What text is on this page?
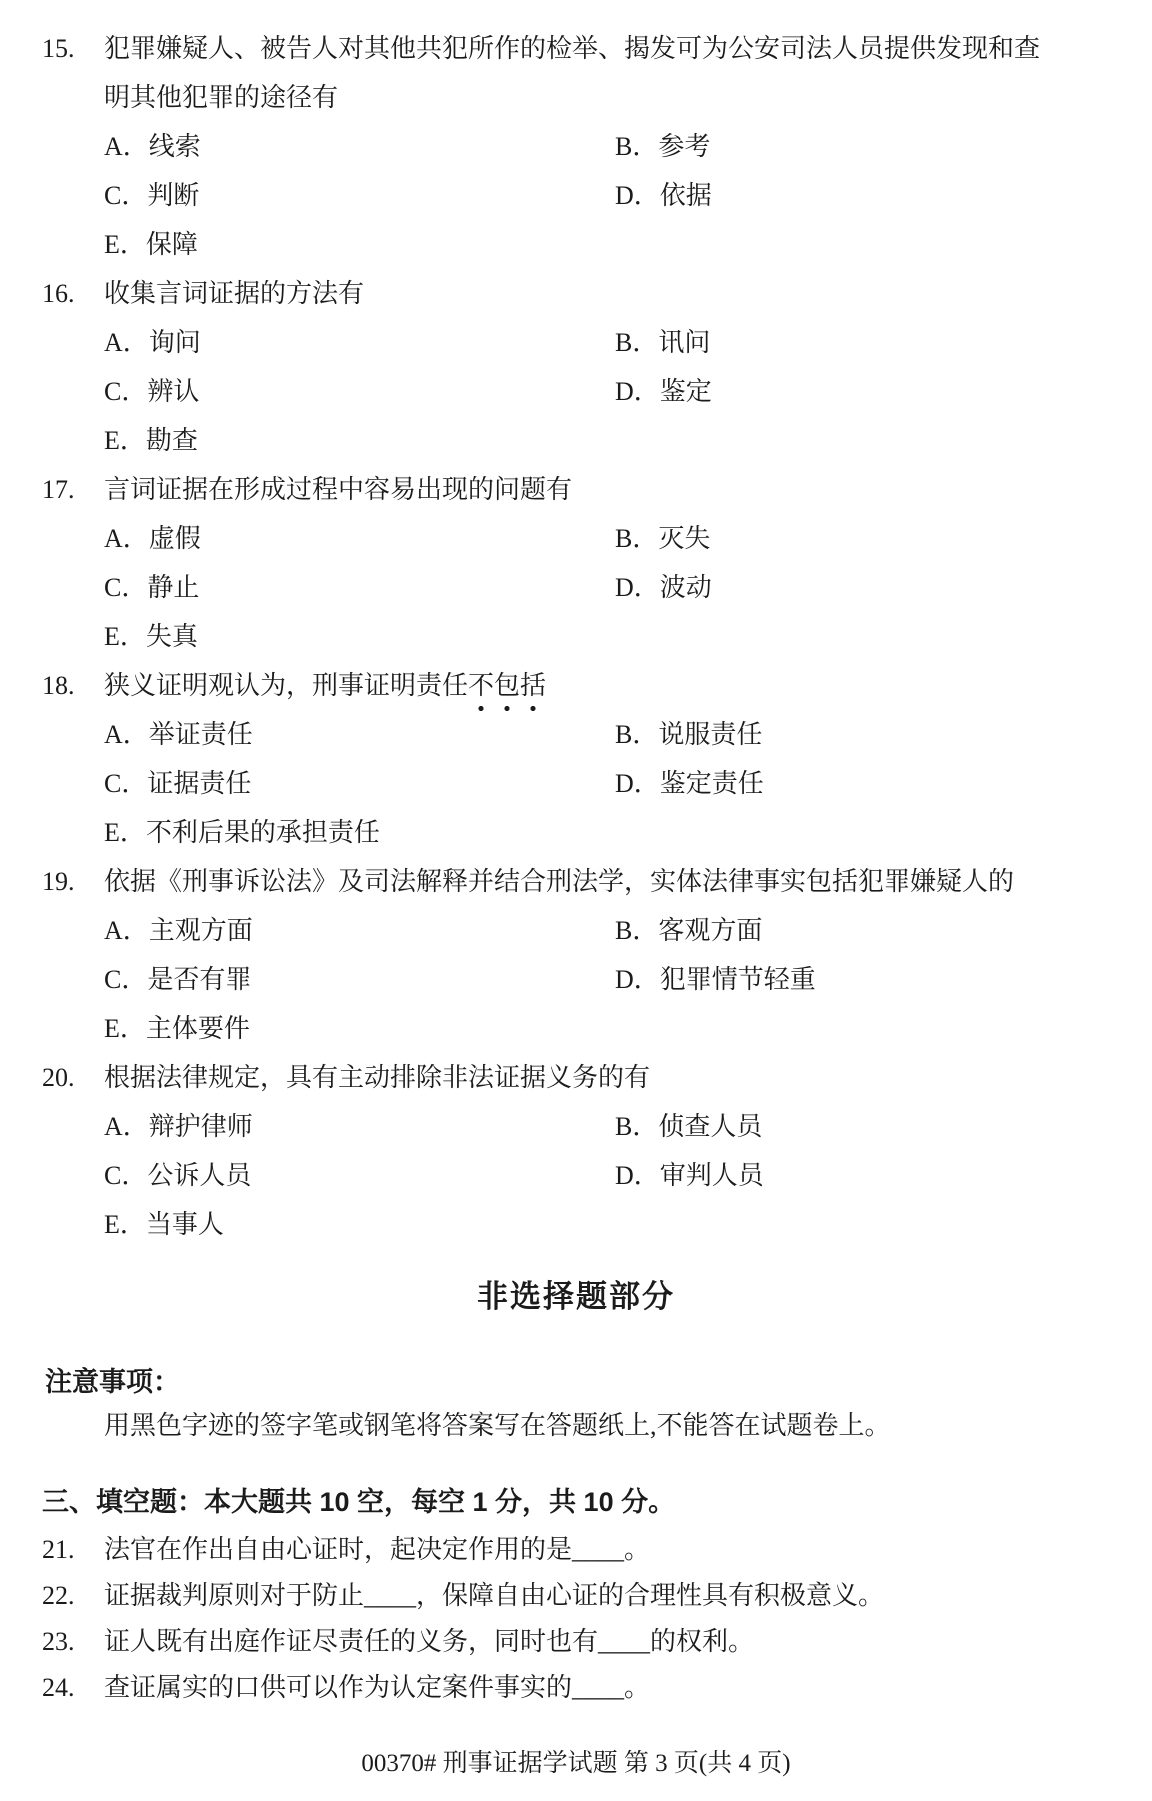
15.	犯罪嫌疑人、被告人对其他共犯所作的检举、揭发可为公安司法人员提供发现和查明其他犯罪的途径有
A．线索	B．参考
C．判断	D．依据
E．保障
16.	收集言词证据的方法有
A．询问	B．讯问
C．辨认	D．鉴定
E．勘查
17.	言词证据在形成过程中容易出现的问题有
A．虚假	B．灭失
C．静止	D．波动
E．失真
18.	狭义证明观认为，刑事证明责任不包括
A．举证责任	B．说服责任
C．证据责任	D．鉴定责任
E．不利后果的承担责任
19.	依据《刑事诉讼法》及司法解释并结合刑法学，实体法律事实包括犯罪嫌疑人的
A．主观方面	B．客观方面
C．是否有罪	D．犯罪情节轻重
E．主体要件
20.	根据法律规定，具有主动排除非法证据义务的有
A．辩护律师	B．侦查人员
C．公诉人员	D．审判人员
E．当事人
非选择题部分
注意事项：
用黑色字迹的签字笔或钢笔将答案写在答题纸上,不能答在试题卷上。
三、填空题：本大题共 10 空，每空 1 分，共 10 分。
21.	法官在作出自由心证时，起决定作用的是____。
22.	证据裁判原则对于防止____，保障自由心证的合理性具有积极意义。
23.	证人既有出庭作证尽责任的义务，同时也有____的权利。
24.	查证属实的口供可以作为认定案件事实的____。
00370# 刑事证据学试题 第 3 页(共 4 页)
